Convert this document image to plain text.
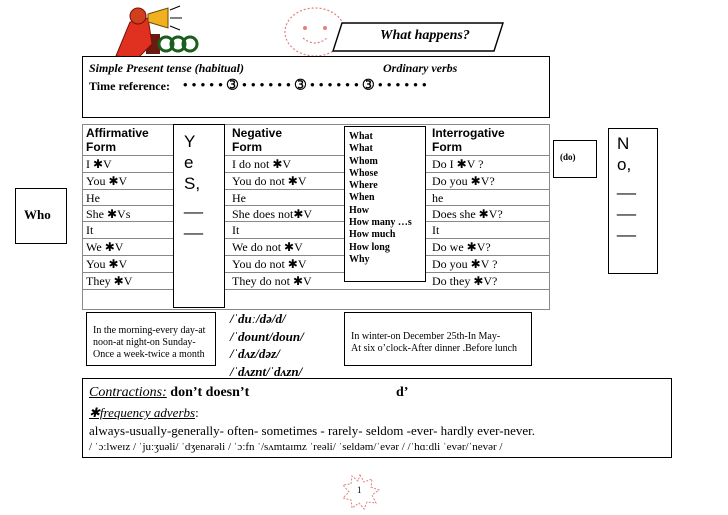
What happens?
Simple Present tense (habitual)	Ordinary verbs
Time reference: • • • • • ➂ • • • • • • ➂ • • • • • • ➂ • • • • • •
Who
Affirmative Form
I ✱V
You ✱V
He
She ✱Vs
It
We ✱V
You ✱V
They ✱V
Y
e
S,
__
__
Negative Form
I do not ✱V
You do not ✱V
He
She does not✱V
It
We do not ✱V
You do not ✱V
They do not ✱V
What
What
Whom
Whose
Where
When
How
How many …s
How much
How long
Why
Interrogative Form
Do I ✱V ?
Do you ✱V?
he
Does she ✱V?
It
Do we ✱V?
Do you ✱V ?
Do they ✱V?
(do)
N
o,
__
__
__
In the morning-every day-at
noon-at night-on Sunday-
Once a week-twice a month
In winter-on December 25th-In May-
At six o’clock-After dinner .Before lunch
/ˈduː/də/d/
/ˈdount/doun/
/ˈdʌz/dəz/
/ˈdʌznt/ˈdʌzn/
Contractions: don’t doesn’t	d’
✱frequency adverbs:
always-usually-generally- often- sometimes - rarely- seldom -ever- hardly ever-never.
/ ˈɔːlweɪz / ˈjuːʒuəli/ ˈdʒenərəli / ˈɔːfn ˈ/sʌmtaɪmz ˈreəli/ ˈseldəm/ˈevər / /ˈhɑːdli ˈevər/ˈnevər /
1
